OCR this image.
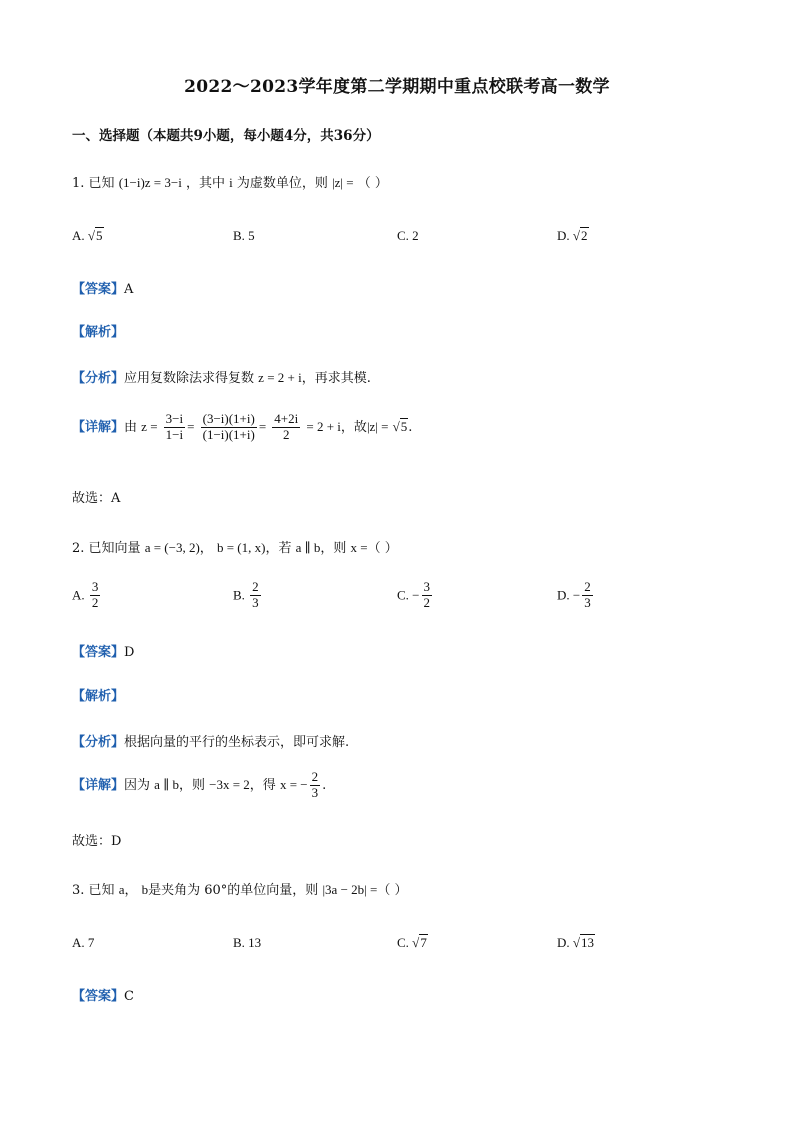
2022～2023学年度第二学期期中重点校联考高一数学
一、选择题（本题共9小题，每小题4分，共36分）
1. 已知 (1−i)z = 3−i ，其中 i 为虚数单位，则 |z| = （ ）
A. √5	B. 5	C. 2	D. √2
【答案】A
【解析】
【分析】应用复数除法求得复数 z = 2 + i，再求其模.
【详解】由 $z = \frac{3-i}{1-i} = \frac{(3-i)(1+i)}{(1-i)(1+i)} = \frac{4+2i}{2} = 2 + i$，故|z| = √5.
故选：A
2. 已知向量 a = (−3, 2)， b = (1, x)，若 a ∥ b，则 x =（ ）
A. $\frac{3}{2}$	B. $\frac{2}{3}$	C. − $\frac{3}{2}$	D. − $\frac{2}{3}$
【答案】D
【解析】
【分析】根据向量的平行的坐标表示，即可求解.
【详解】因为 a ∥ b，则 −3x = 2，得 x = − $\frac{2}{3}$ .
故选：D
3. 已知 a， b是夹角为 60°的单位向量，则 |3a − 2b| =（ ）
A. 7	B. 13	C. √7	D. √13
【答案】C
